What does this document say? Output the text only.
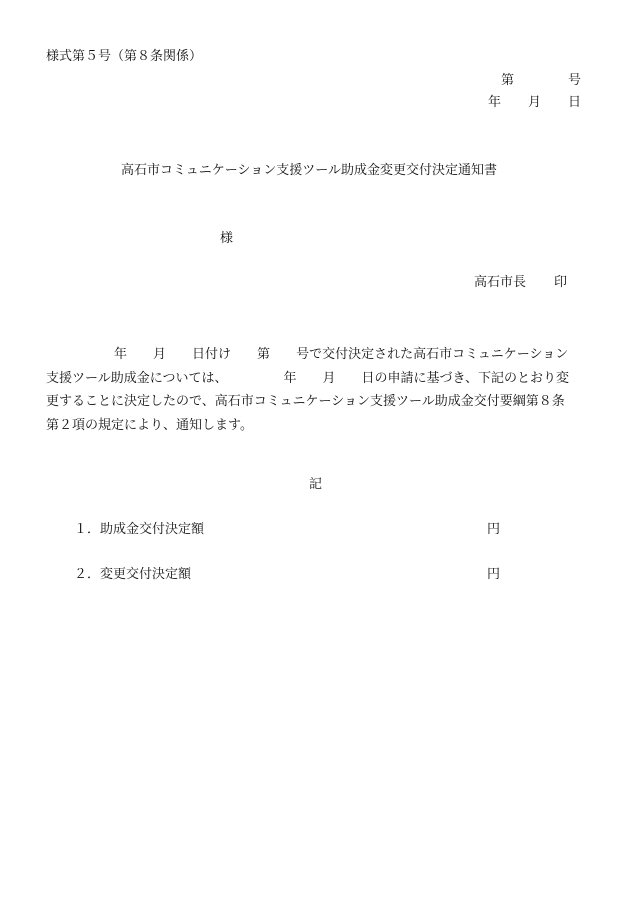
様式第５号（第８条関係）
第	号
年 月 日
高石市コミュニケーション支援ツール助成金変更交付決定通知書
様
高石市長 印
年 月 日付け 第 号で交付決定された高石市コミュニケーション
支援ツール助成金については、	年 月 日の申請に基づき、下記のとおり変
更することに決定したので、高石市コミュニケーション支援ツール助成金交付要綱第８条
第２項の規定により、通知します。
記
１．助成金交付決定額	円
２．変更交付決定額	円
